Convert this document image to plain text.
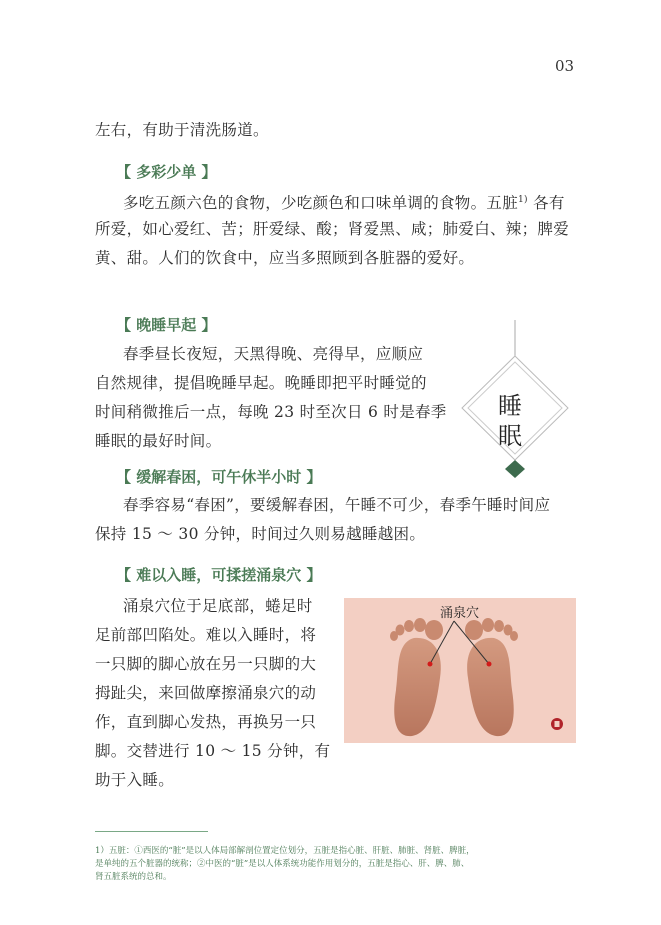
03
左右，有助于清洗肠道。
【 多彩少单 】
多吃五颜六色的食物，少吃颜色和口味单调的食物。五脏$^{1)}$ 各有
所爱，如心爱红、苦；肝爱绿、酸；肾爱黑、咸；肺爱白、辣；脾爱
黄、甜。人们的饮食中，应当多照顾到各脏器的爱好。
【 晚睡早起 】
春季昼长夜短，天黑得晚、亮得早，应顺应
自然规律，提倡晚睡早起。晚睡即把平时睡觉的
时间稍微推后一点，每晚 23 时至次日 6 时是春季
睡眠的最好时间。
睡
眠
【 缓解春困，可午休半小时 】
春季容易“春困”，要缓解春困，午睡不可少，春季午睡时间应
保持 15 ～ 30 分钟，时间过久则易越睡越困。
【 难以入睡，可揉搓涌泉穴 】
涌泉穴位于足底部，蜷足时
足前部凹陷处。难以入睡时，将
一只脚的脚心放在另一只脚的大
拇趾尖，来回做摩擦涌泉穴的动
作，直到脚心发热，再换另一只
脚。交替进行 10 ～ 15 分钟，有
助于入睡。
涌泉穴
1）五脏：①西医的“脏”是以人体局部解剖位置定位划分，五脏是指心脏、肝脏、肺脏、肾脏、脾脏，
是单纯的五个脏器的统称；②中医的“脏”是以人体系统功能作用划分的，五脏是指心、肝、脾、肺、
肾五脏系统的总和。
